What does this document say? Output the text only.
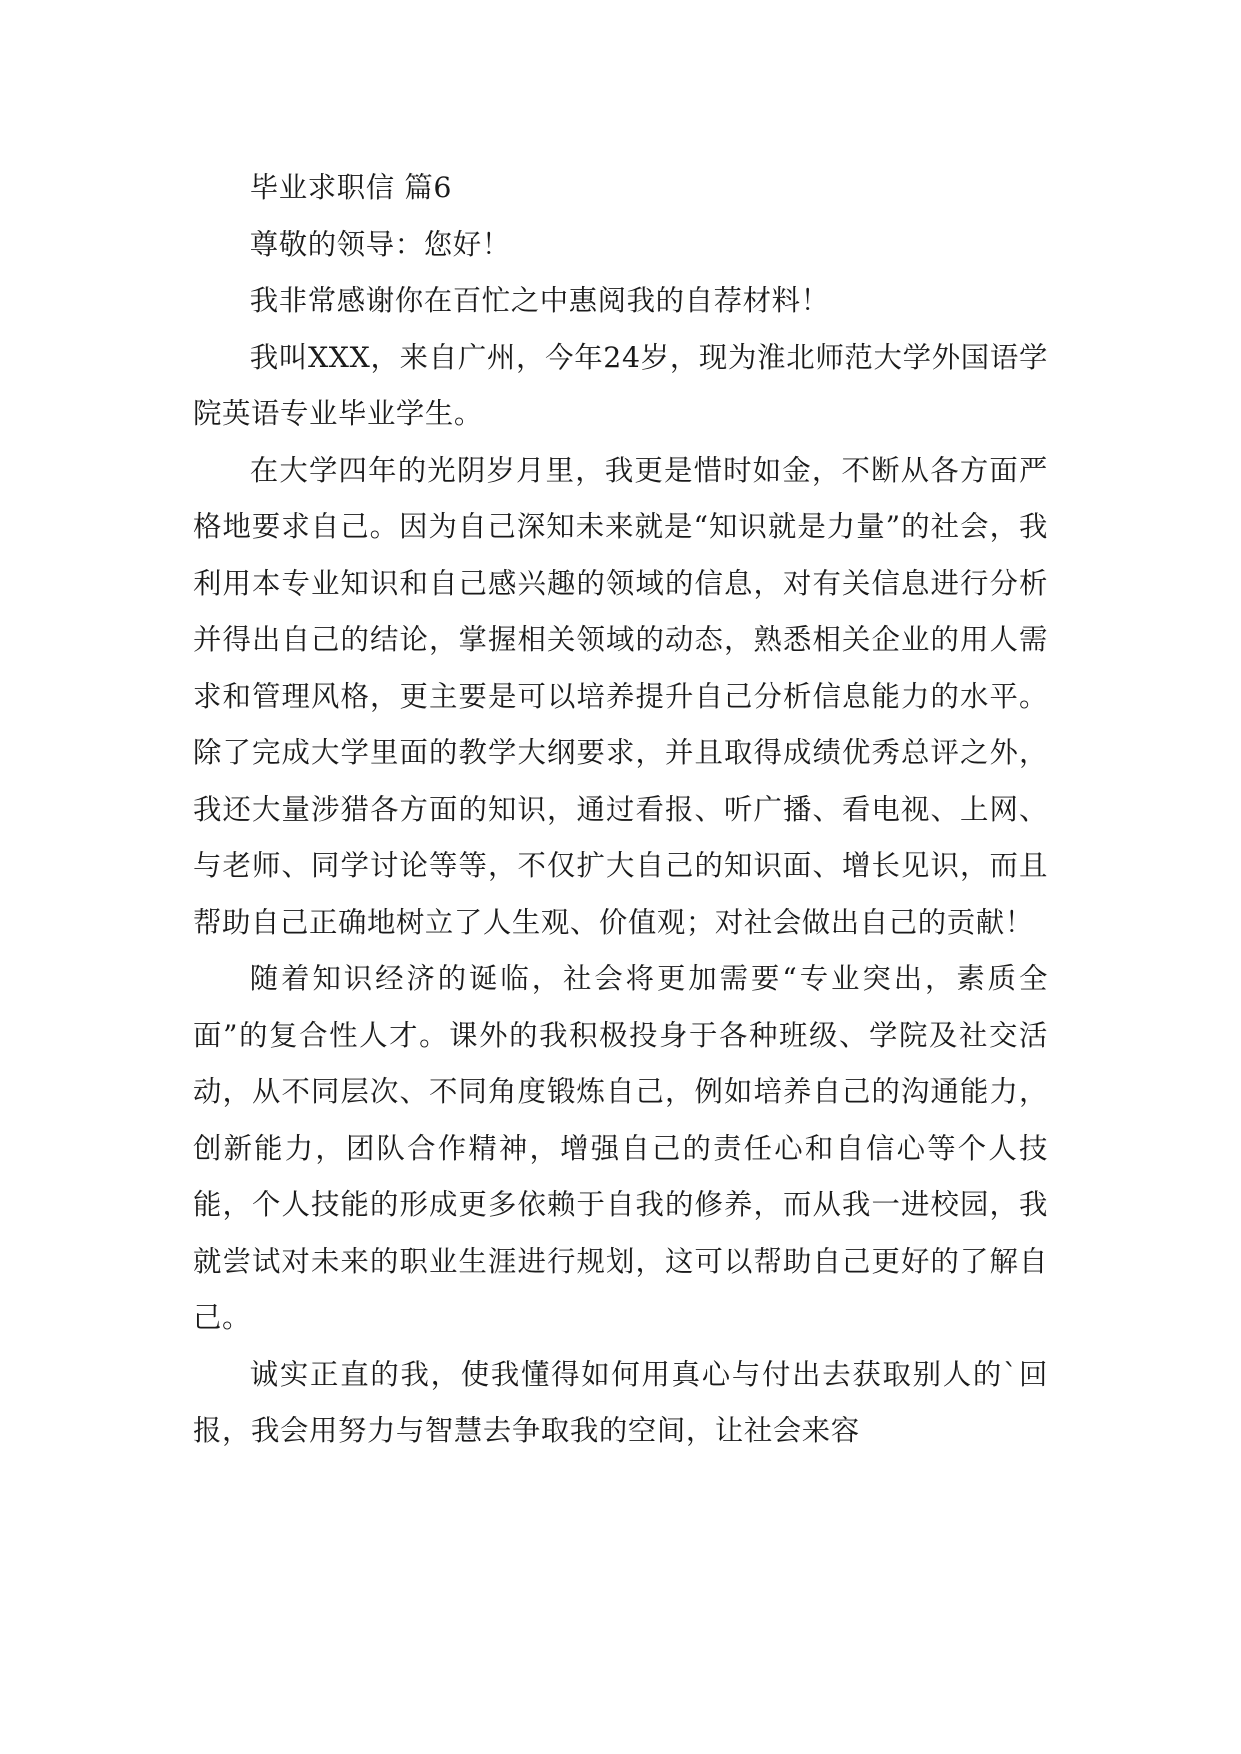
毕业求职信 篇6

尊敬的领导：您好！

我非常感谢你在百忙之中惠阅我的自荐材料！

我叫XXX，来自广州，今年24岁，现为淮北师范大学外国语学院英语专业毕业学生。

在大学四年的光阴岁月里，我更是惜时如金，不断从各方面严格地要求自己。因为自己深知未来就是“知识就是力量”的社会，我利用本专业知识和自己感兴趣的领域的信息，对有关信息进行分析并得出自己的结论，掌握相关领域的动态，熟悉相关企业的用人需求和管理风格，更主要是可以培养提升自己分析信息能力的水平。除了完成大学里面的教学大纲要求，并且取得成绩优秀总评之外，我还大量涉猎各方面的知识，通过看报、听广播、看电视、上网、与老师、同学讨论等等，不仅扩大自己的知识面、增长见识，而且帮助自己正确地树立了人生观、价值观；对社会做出自己的贡献！

随着知识经济的诞临，社会将更加需要“专业突出，素质全面”的复合性人才。课外的我积极投身于各种班级、学院及社交活动，从不同层次、不同角度锻炼自己，例如培养自己的沟通能力，创新能力，团队合作精神，增强自己的责任心和自信心等个人技能，个人技能的形成更多依赖于自我的修养，而从我一进校园，我就尝试对未来的职业生涯进行规划，这可以帮助自己更好的了解自己。

诚实正直的我，使我懂得如何用真心与付出去获取别人的`回报，我会用努力与智慧去争取我的空间，让社会来容
